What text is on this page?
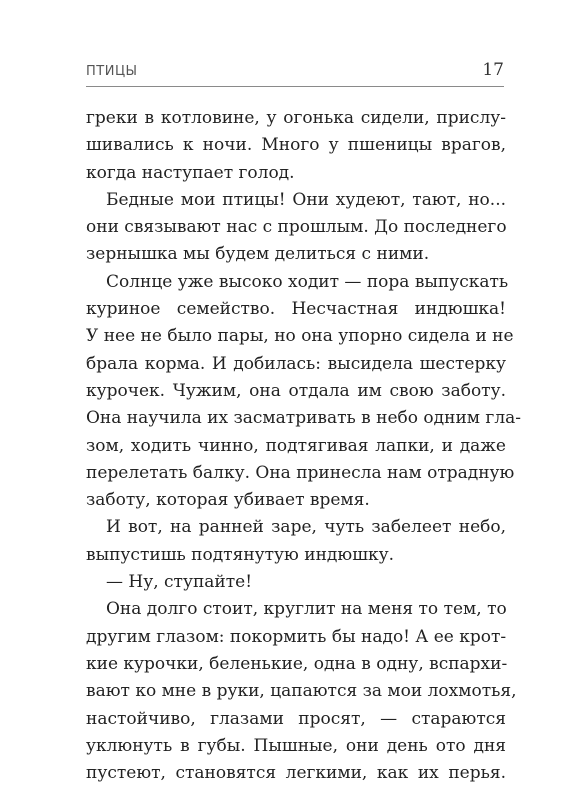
ПТИЦЫ	17
греки в котловине, у огонька сидели, прислу-
шивались к ночи. Много у пшеницы врагов,
когда наступает голод.
Бедные мои птицы! Они худеют, тают, но...
они связывают нас с прошлым. До последнего
зернышка мы будем делиться с ними.
Солнце уже высоко ходит — пора выпускать
куриное семейство. Несчастная индюшка!
У нее не было пары, но она упорно сидела и не
брала корма. И добилась: высидела шестерку
курочек. Чужим, она отдала им свою заботу.
Она научила их засматривать в небо одним гла-
зом, ходить чинно, подтягивая лапки, и даже
перелетать балку. Она принесла нам отрадную
заботу, которая убивает время.
И вот, на ранней заре, чуть забелеет небо,
выпустишь подтянутую индюшку.
— Ну, ступайте!
Она долго стоит, круглит на меня то тем, то
другим глазом: покормить бы надо! А ее крот-
кие курочки, беленькие, одна в одну, вспархи-
вают ко мне в руки, цапаются за мои лохмотья,
настойчиво, глазами просят, — стараются
уклюнуть в губы. Пышные, они день ото дня
пустеют, становятся легкими, как их перья.
